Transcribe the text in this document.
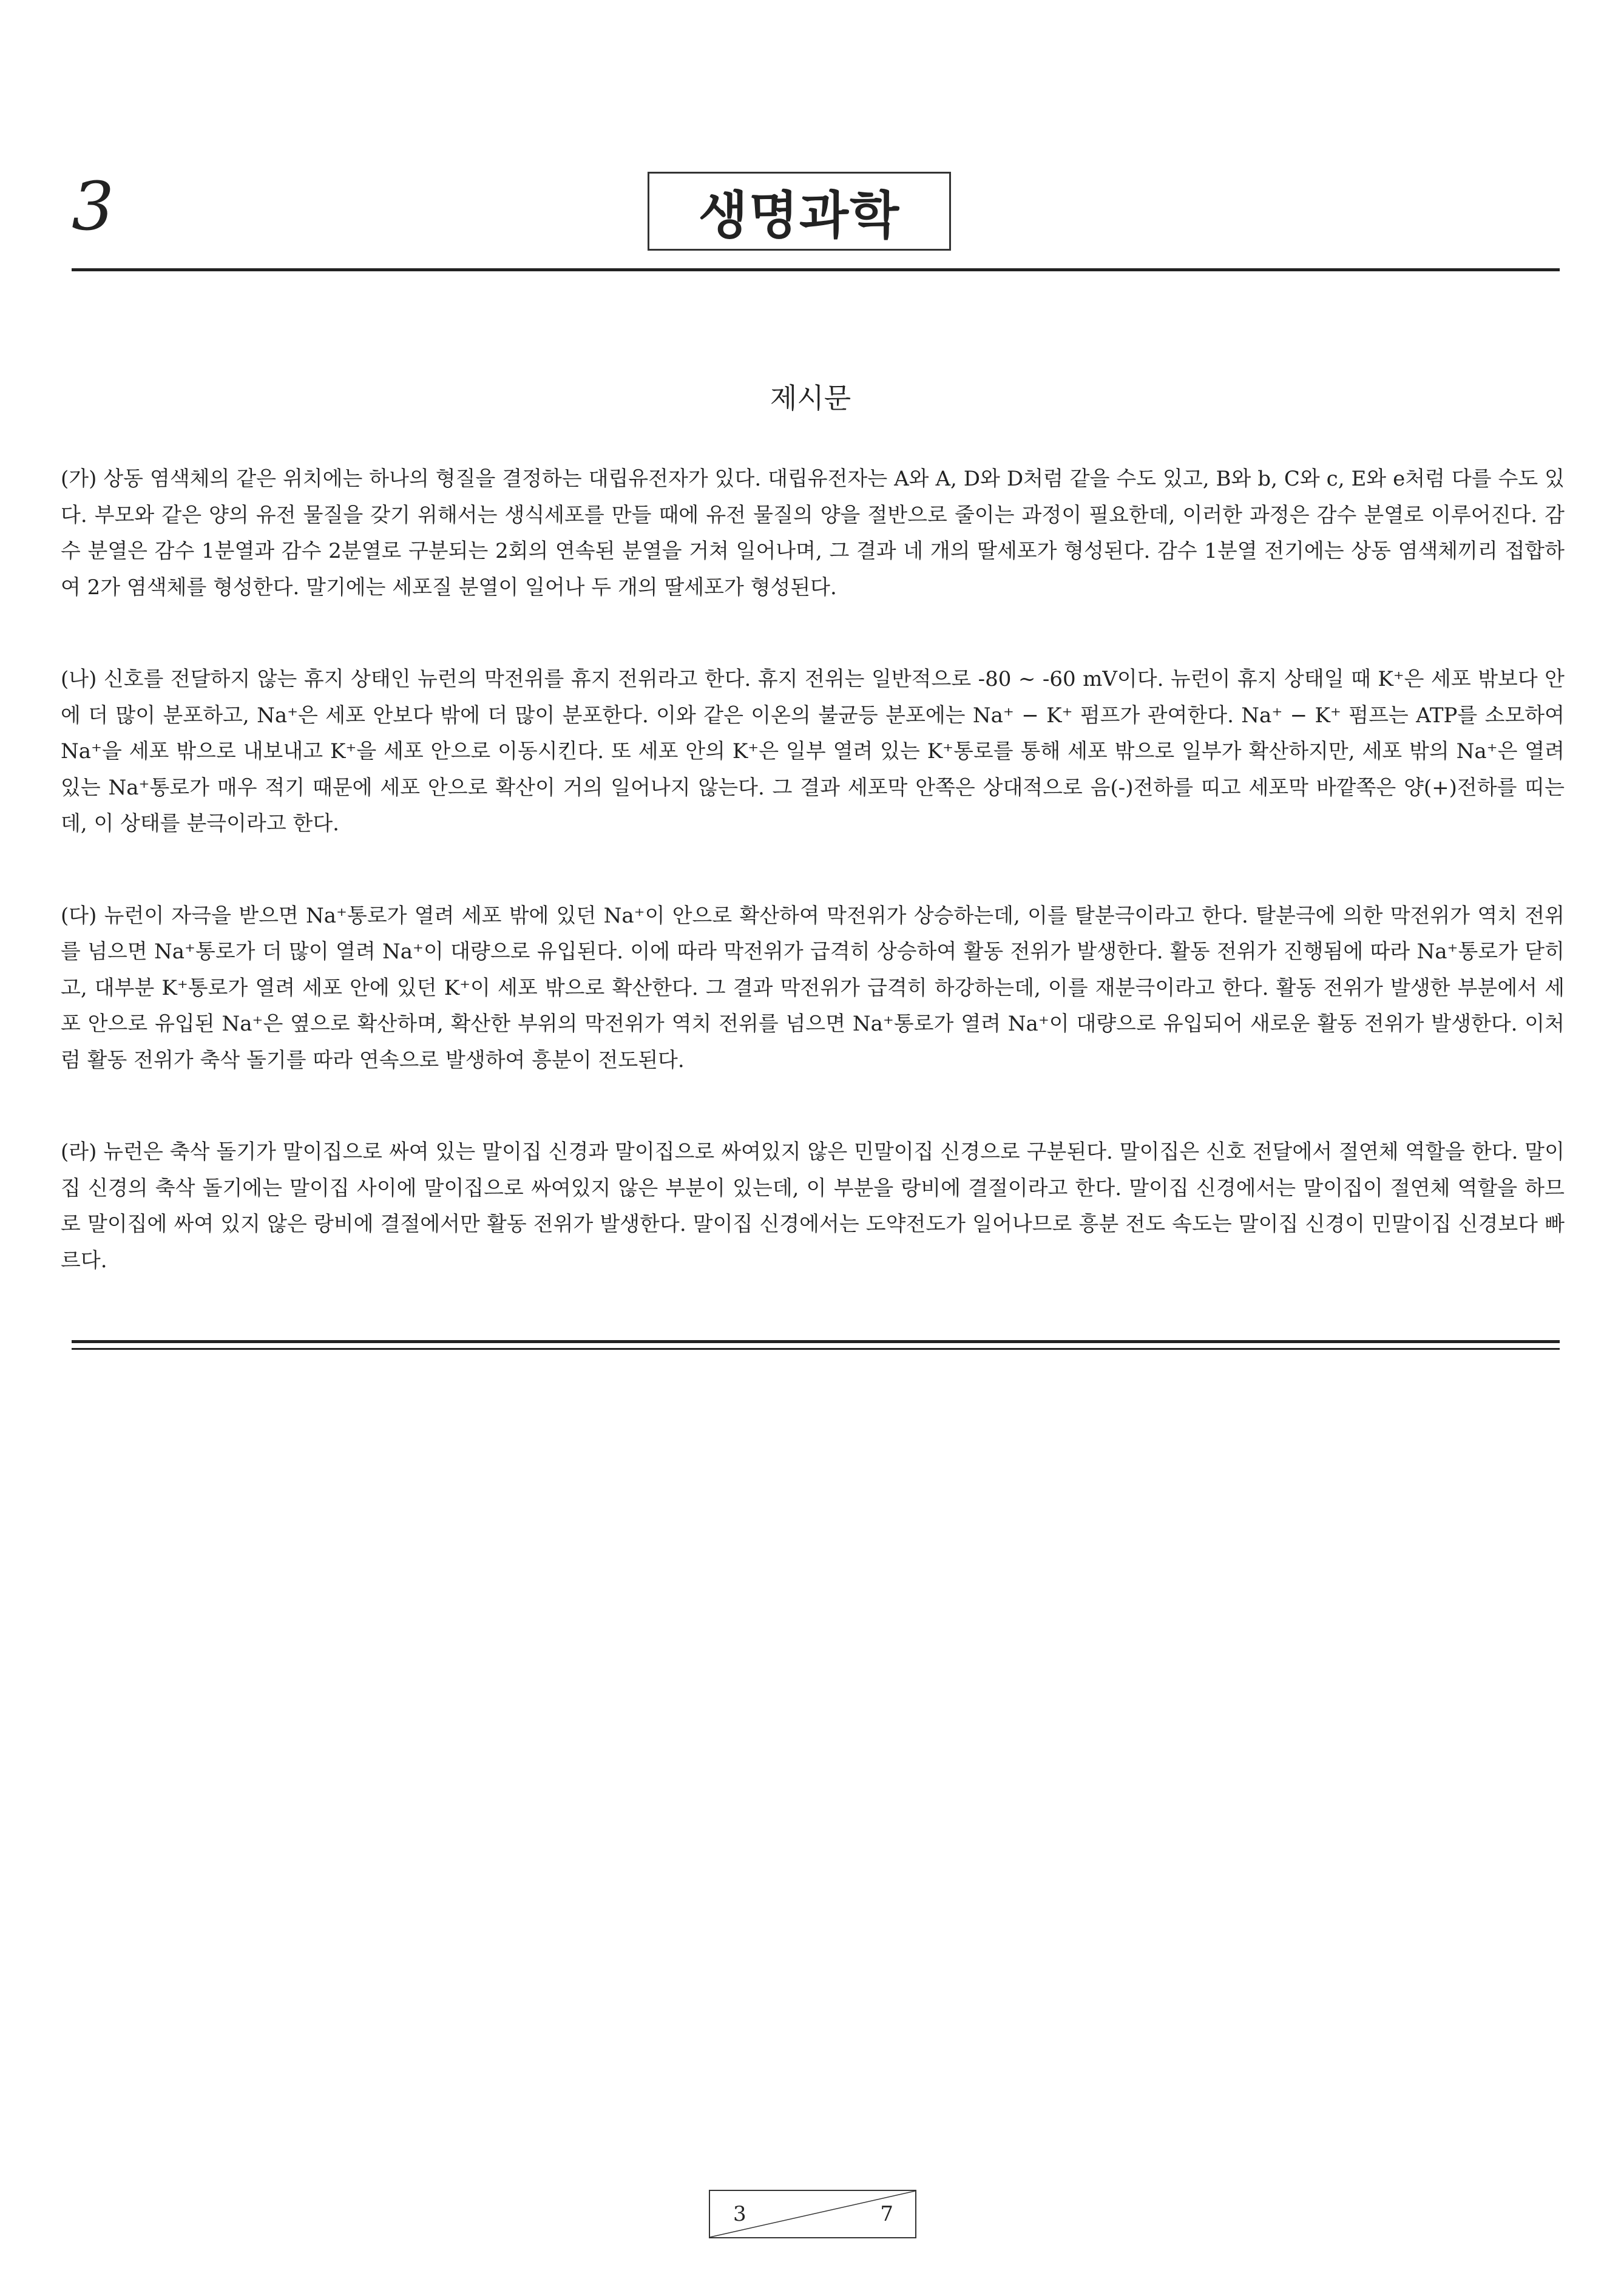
3	생명과학
제시문

(가) 상동 염색체의 같은 위치에는 하나의 형질을 결정하는 대립유전자가 있다. 대립유전자는 A와 A, D와 D처럼 같을 수도 있고, B와 b, C와 c, E와 e처럼 다를 수도 있다. 부모와 같은 양의 유전 물질을 갖기 위해서는 생식세포를 만들 때에 유전 물질의 양을 절반으로 줄이는 과정이 필요한데, 이러한 과정은 감수 분열로 이루어진다. 감수 분열은 감수 1분열과 감수 2분열로 구분되는 2회의 연속된 분열을 거쳐 일어나며, 그 결과 네 개의 딸세포가 형성된다. 감수 1분열 전기에는 상동 염색체끼리 접합하여 2가 염색체를 형성한다. 말기에는 세포질 분열이 일어나 두 개의 딸세포가 형성된다.

(나) 신호를 전달하지 않는 휴지 상태인 뉴런의 막전위를 휴지 전위라고 한다. 휴지 전위는 일반적으로 -80 ~ -60 mV이다. 뉴런이 휴지 상태일 때 K⁺은 세포 밖보다 안에 더 많이 분포하고, Na⁺은 세포 안보다 밖에 더 많이 분포한다. 이와 같은 이온의 불균등 분포에는 Na⁺ − K⁺ 펌프가 관여한다. Na⁺ − K⁺ 펌프는 ATP를 소모하여 Na⁺을 세포 밖으로 내보내고 K⁺을 세포 안으로 이동시킨다. 또 세포 안의 K⁺은 일부 열려 있는 K⁺통로를 통해 세포 밖으로 일부가 확산하지만, 세포 밖의 Na⁺은 열려 있는 Na⁺통로가 매우 적기 때문에 세포 안으로 확산이 거의 일어나지 않는다. 그 결과 세포막 안쪽은 상대적으로 음(-)전하를 띠고 세포막 바깥쪽은 양(+)전하를 띠는데, 이 상태를 분극이라고 한다.

(다) 뉴런이 자극을 받으면 Na⁺통로가 열려 세포 밖에 있던 Na⁺이 안으로 확산하여 막전위가 상승하는데, 이를 탈분극이라고 한다. 탈분극에 의한 막전위가 역치 전위를 넘으면 Na⁺통로가 더 많이 열려 Na⁺이 대량으로 유입된다. 이에 따라 막전위가 급격히 상승하여 활동 전위가 발생한다. 활동 전위가 진행됨에 따라 Na⁺통로가 닫히고, 대부분 K⁺통로가 열려 세포 안에 있던 K⁺이 세포 밖으로 확산한다. 그 결과 막전위가 급격히 하강하는데, 이를 재분극이라고 한다. 활동 전위가 발생한 부분에서 세포 안으로 유입된 Na⁺은 옆으로 확산하며, 확산한 부위의 막전위가 역치 전위를 넘으면 Na⁺통로가 열려 Na⁺이 대량으로 유입되어 새로운 활동 전위가 발생한다. 이처럼 활동 전위가 축삭 돌기를 따라 연속으로 발생하여 흥분이 전도된다.

(라) 뉴런은 축삭 돌기가 말이집으로 싸여 있는 말이집 신경과 말이집으로 싸여있지 않은 민말이집 신경으로 구분된다. 말이집은 신호 전달에서 절연체 역할을 한다. 말이집 신경의 축삭 돌기에는 말이집 사이에 말이집으로 싸여있지 않은 부분이 있는데, 이 부분을 랑비에 결절이라고 한다. 말이집 신경에서는 말이집이 절연체 역할을 하므로 말이집에 싸여 있지 않은 랑비에 결절에서만 활동 전위가 발생한다. 말이집 신경에서는 도약전도가 일어나므로 흥분 전도 속도는 말이집 신경이 민말이집 신경보다 빠르다.

3	7
